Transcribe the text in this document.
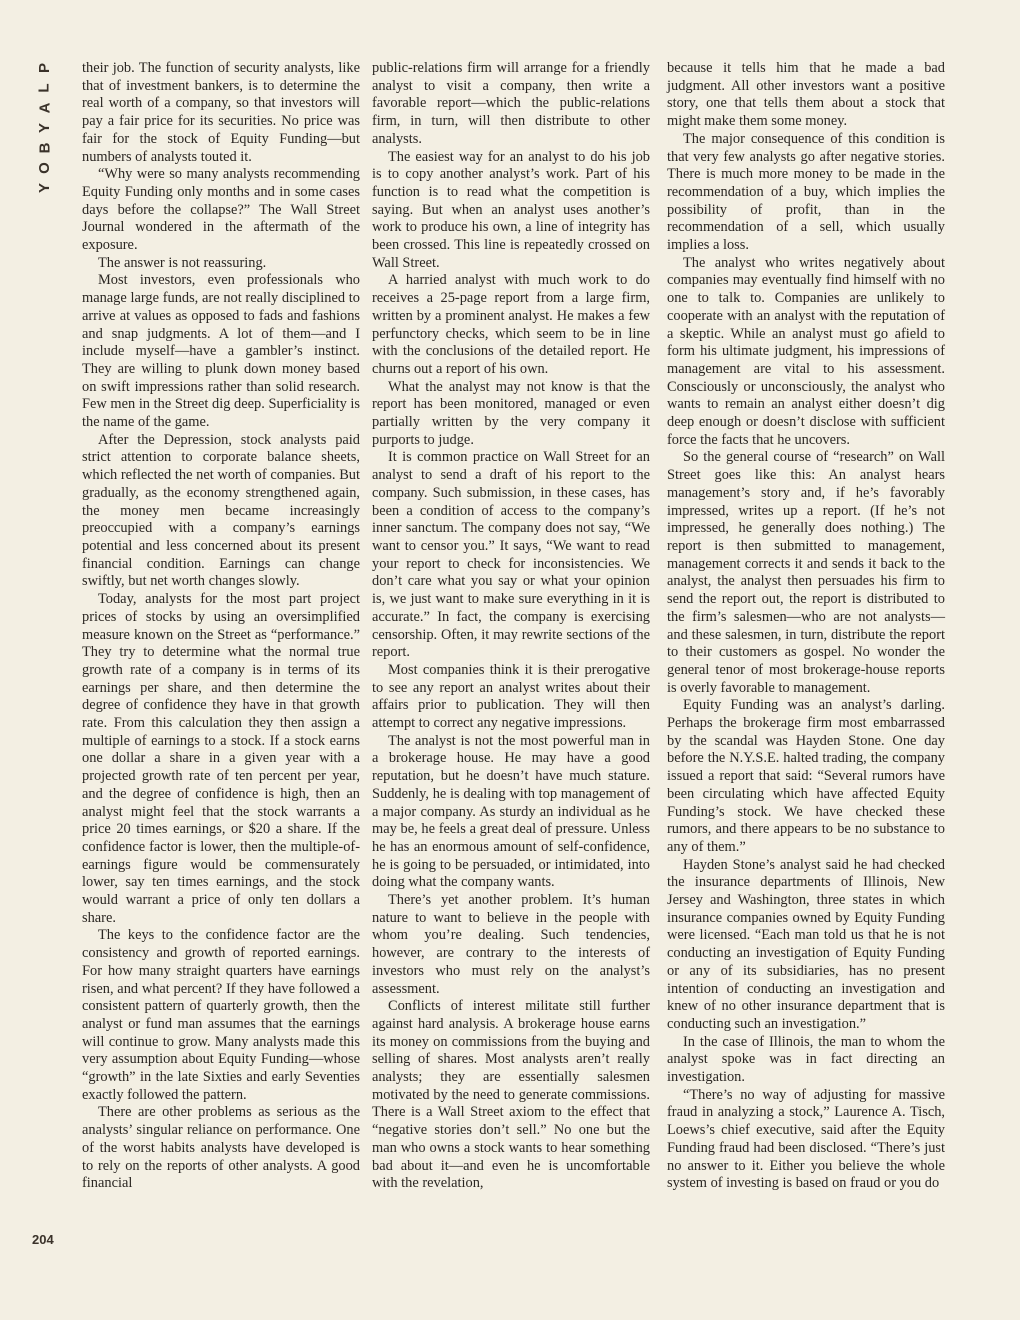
P
L
A
Y
B
O
Y

their job. The function of security analysts, like that of investment bankers, is to determine the real worth of a company, so that investors will pay a fair price for its securities. No price was fair for the stock of Equity Funding—but numbers of analysts touted it.

“Why were so many analysts recommending Equity Funding only months and in some cases days before the collapse?” The Wall Street Journal wondered in the aftermath of the exposure.

The answer is not reassuring.

Most investors, even professionals who manage large funds, are not really disciplined to arrive at values as opposed to fads and fashions and snap judgments. A lot of them—and I include myself—have a gambler’s instinct. They are willing to plunk down money based on swift impressions rather than solid research. Few men in the Street dig deep. Superficiality is the name of the game.

After the Depression, stock analysts paid strict attention to corporate balance sheets, which reflected the net worth of companies. But gradually, as the economy strengthened again, the money men became increasingly preoccupied with a company’s earnings potential and less concerned about its present financial condition. Earnings can change swiftly, but net worth changes slowly.

Today, analysts for the most part project prices of stocks by using an oversimplified measure known on the Street as “performance.” They try to determine what the normal true growth rate of a company is in terms of its earnings per share, and then determine the degree of confidence they have in that growth rate. From this calculation they then assign a multiple of earnings to a stock. If a stock earns one dollar a share in a given year with a projected growth rate of ten percent per year, and the degree of confidence is high, then an analyst might feel that the stock warrants a price 20 times earnings, or $20 a share. If the confidence factor is lower, then the multiple-of-earnings figure would be commensurately lower, say ten times earnings, and the stock would warrant a price of only ten dollars a share.

The keys to the confidence factor are the consistency and growth of reported earnings. For how many straight quarters have earnings risen, and what percent? If they have followed a consistent pattern of quarterly growth, then the analyst or fund man assumes that the earnings will continue to grow. Many analysts made this very assumption about Equity Funding—whose “growth” in the late Sixties and early Seventies exactly followed the pattern.

There are other problems as serious as the analysts’ singular reliance on performance. One of the worst habits analysts have developed is to rely on the reports of other analysts. A good financial

public-relations firm will arrange for a friendly analyst to visit a company, then write a favorable report—which the public-relations firm, in turn, will then distribute to other analysts.

The easiest way for an analyst to do his job is to copy another analyst’s work. Part of his function is to read what the competition is saying. But when an analyst uses another’s work to produce his own, a line of integrity has been crossed. This line is repeatedly crossed on Wall Street.

A harried analyst with much work to do receives a 25-page report from a large firm, written by a prominent analyst. He makes a few perfunctory checks, which seem to be in line with the conclusions of the detailed report. He churns out a report of his own.

What the analyst may not know is that the report has been monitored, managed or even partially written by the very company it purports to judge.

It is common practice on Wall Street for an analyst to send a draft of his report to the company. Such submission, in these cases, has been a condition of access to the company’s inner sanctum. The company does not say, “We want to censor you.” It says, “We want to read your report to check for inconsistencies. We don’t care what you say or what your opinion is, we just want to make sure everything in it is accurate.” In fact, the company is exercising censorship. Often, it may rewrite sections of the report.

Most companies think it is their prerogative to see any report an analyst writes about their affairs prior to publication. They will then attempt to correct any negative impressions.

The analyst is not the most powerful man in a brokerage house. He may have a good reputation, but he doesn’t have much stature. Suddenly, he is dealing with top management of a major company. As sturdy an individual as he may be, he feels a great deal of pressure. Unless he has an enormous amount of self-confidence, he is going to be persuaded, or intimidated, into doing what the company wants.

There’s yet another problem. It’s human nature to want to believe in the people with whom you’re dealing. Such tendencies, however, are contrary to the interests of investors who must rely on the analyst’s assessment.

Conflicts of interest militate still further against hard analysis. A brokerage house earns its money on commissions from the buying and selling of shares. Most analysts aren’t really analysts; they are essentially salesmen motivated by the need to generate commissions. There is a Wall Street axiom to the effect that “negative stories don’t sell.” No one but the man who owns a stock wants to hear something bad about it—and even he is uncomfortable with the revelation,

because it tells him that he made a bad judgment. All other investors want a positive story, one that tells them about a stock that might make them some money.

The major consequence of this condition is that very few analysts go after negative stories. There is much more money to be made in the recommendation of a buy, which implies the possibility of profit, than in the recommendation of a sell, which usually implies a loss.

The analyst who writes negatively about companies may eventually find himself with no one to talk to. Companies are unlikely to cooperate with an analyst with the reputation of a skeptic. While an analyst must go afield to form his ultimate judgment, his impressions of management are vital to his assessment. Consciously or unconsciously, the analyst who wants to remain an analyst either doesn’t dig deep enough or doesn’t disclose with sufficient force the facts that he uncovers.

So the general course of “research” on Wall Street goes like this: An analyst hears management’s story and, if he’s favorably impressed, writes up a report. (If he’s not impressed, he generally does nothing.) The report is then submitted to management, management corrects it and sends it back to the analyst, the analyst then persuades his firm to send the report out, the report is distributed to the firm’s salesmen—who are not analysts—and these salesmen, in turn, distribute the report to their customers as gospel. No wonder the general tenor of most brokerage-house reports is overly favorable to management.

Equity Funding was an analyst’s darling. Perhaps the brokerage firm most embarrassed by the scandal was Hayden Stone. One day before the N.Y.S.E. halted trading, the company issued a report that said: “Several rumors have been circulating which have affected Equity Funding’s stock. We have checked these rumors, and there appears to be no substance to any of them.”

Hayden Stone’s analyst said he had checked the insurance departments of Illinois, New Jersey and Washington, three states in which insurance companies owned by Equity Funding were licensed. “Each man told us that he is not conducting an investigation of Equity Funding or any of its subsidiaries, has no present intention of conducting an investigation and knew of no other insurance department that is conducting such an investigation.”

In the case of Illinois, the man to whom the analyst spoke was in fact directing an investigation.

“There’s no way of adjusting for massive fraud in analyzing a stock,” Laurence A. Tisch, Loews’s chief executive, said after the Equity Funding fraud had been disclosed. “There’s just no answer to it. Either you believe the whole system of investing is based on fraud or you do

204
